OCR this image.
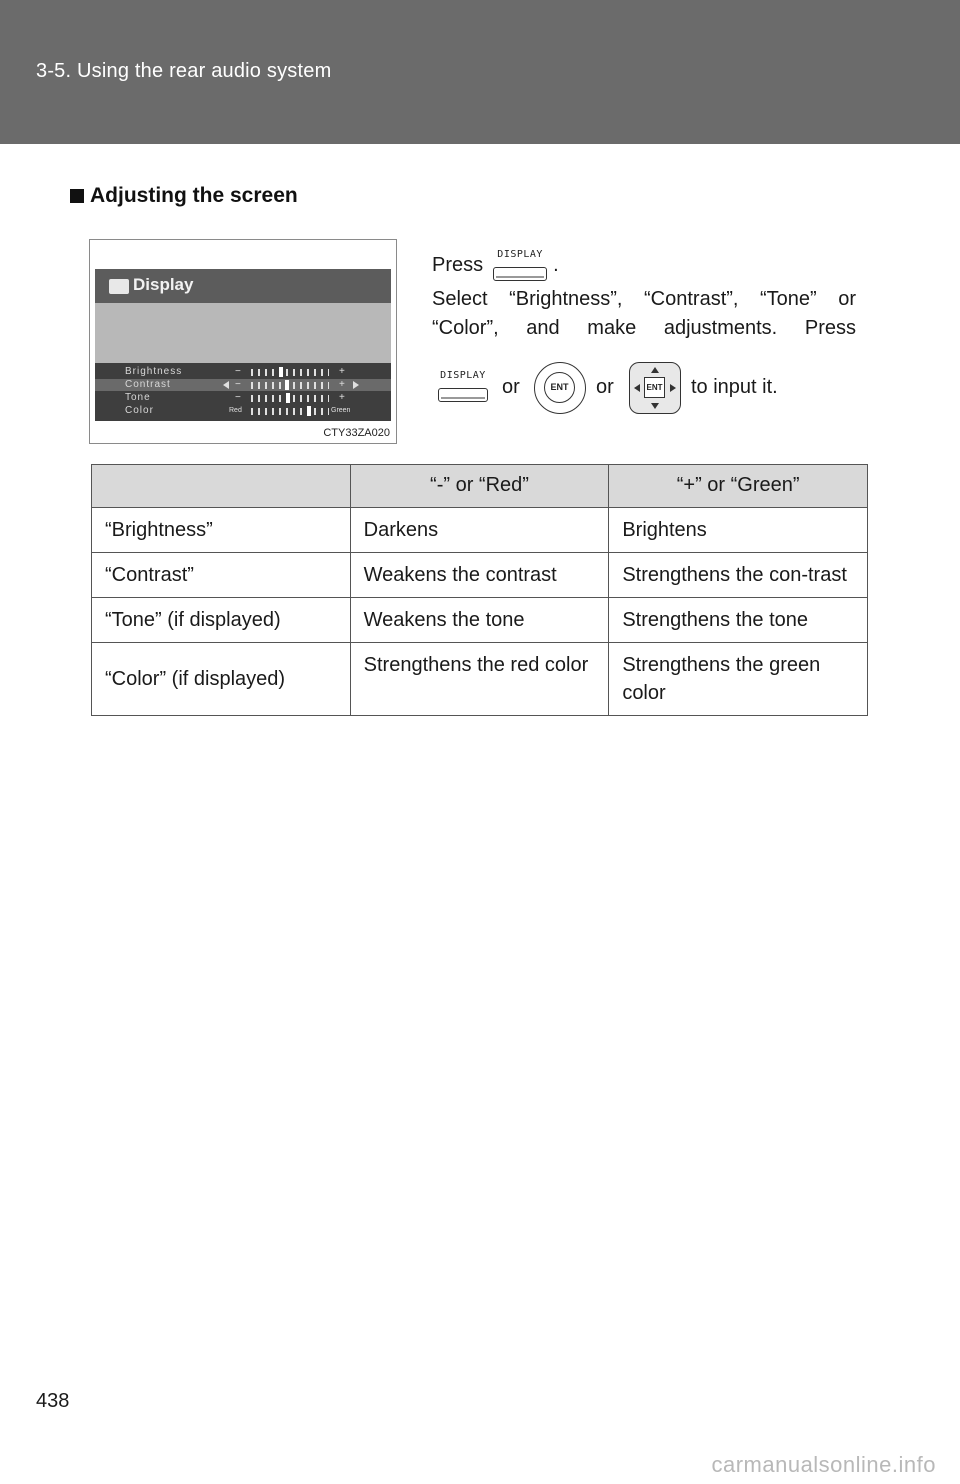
3-5. Using the rear audio system
Adjusting the screen
Display
Brightness	−	+
Contrast	−	+
Tone	−	+
Color	Red	Green
CTY33ZA020
Press	DISPLAY .
Select “Brightness”, “Contrast”, “Tone” or “Color”, and make adjustments. Press
DISPLAY
or	ENT	or	ENT to input it.
	“-” or “Red”	“+” or “Green”
“Brightness”	Darkens	Brightens
“Contrast”	Weakens the contrast	Strengthens the con-trast
“Tone” (if displayed)	Weakens the tone	Strengthens the tone
“Color” (if displayed)	Strengthens the red color	Strengthens the green color
438
carmanualsonline.info
